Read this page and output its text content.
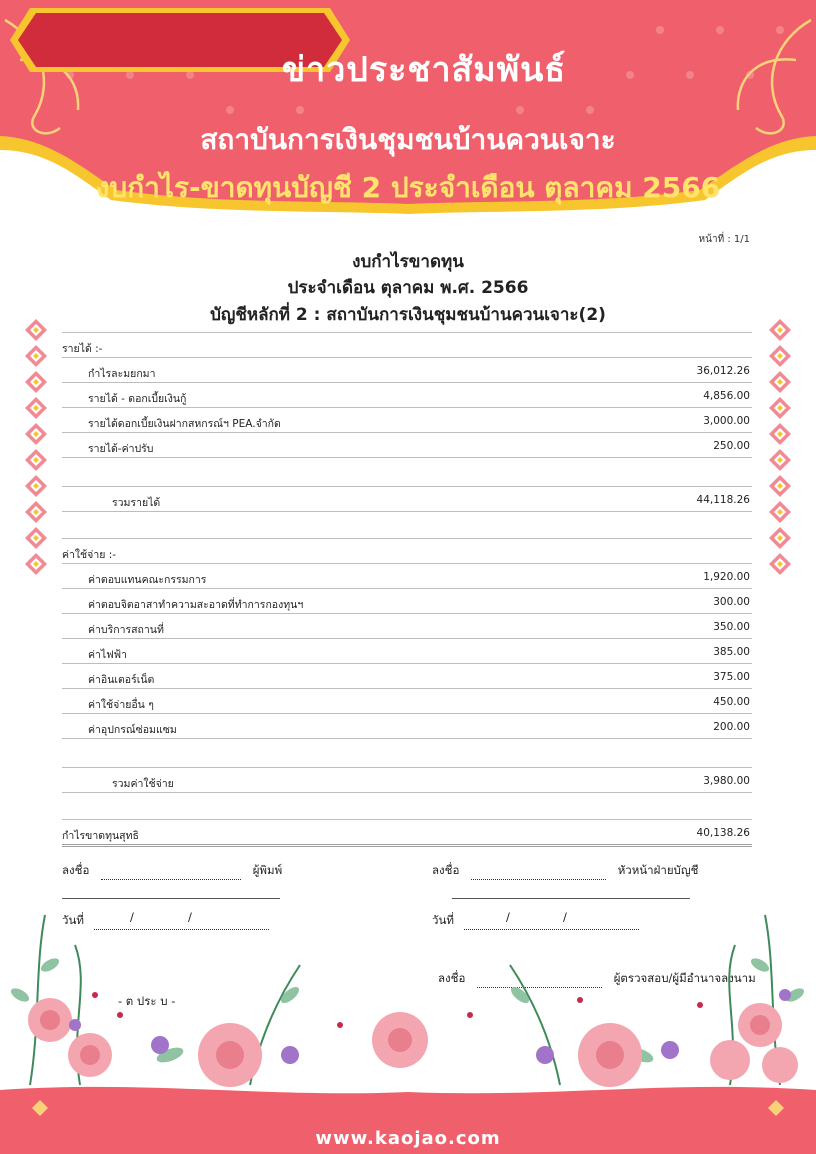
ข่าวประชาสัมพันธ์
สถาบันการเงินชุมชนบ้านควนเจาะ
งบกำไร-ขาดทุนบัญชี 2 ประจำเดือน ตุลาคม 2566
หน้าที่ : 1/1
งบกำไรขาดทุน
ประจำเดือน ตุลาคม พ.ศ. 2566
บัญชีหลักที่ 2 : สถาบันการเงินชุมชนบ้านควนเจาะ(2)
รายได้ :-
กำไรละมยกมา	36,012.26
รายได้ - ดอกเบี้ยเงินกู้	4,856.00
รายได้ดอกเบี้ยเงินฝากสหกรณ์ฯ PEA.จำกัด	3,000.00
รายได้-ค่าปรับ	250.00
รวมรายได้	44,118.26
ค่าใช้จ่าย :-
ค่าตอบแทนคณะกรรมการ	1,920.00
ค่าตอบจิตอาสาทำความสะอาดที่ทำการกองทุนฯ	300.00
ค่าบริการสถานที่	350.00
ค่าไฟฟ้า	385.00
ค่าอินเตอร์เน็ต	375.00
ค่าใช้จ่ายอื่น ๆ	450.00
ค่าอุปกรณ์ซ่อมแซม	200.00
รวมค่าใช้จ่าย	3,980.00
กำไรขาดทุนสุทธิ	40,138.26
ลงชื่อ	ผู้พิมพ์
วันที่	/	/
ลงชื่อ	หัวหน้าฝ่ายบัญชี
วันที่	/	/
ลงชื่อ	ผู้ตรวจสอบ/ผู้มีอำนาจลงนาม
- ต ประ บ -
www.kaojao.com
